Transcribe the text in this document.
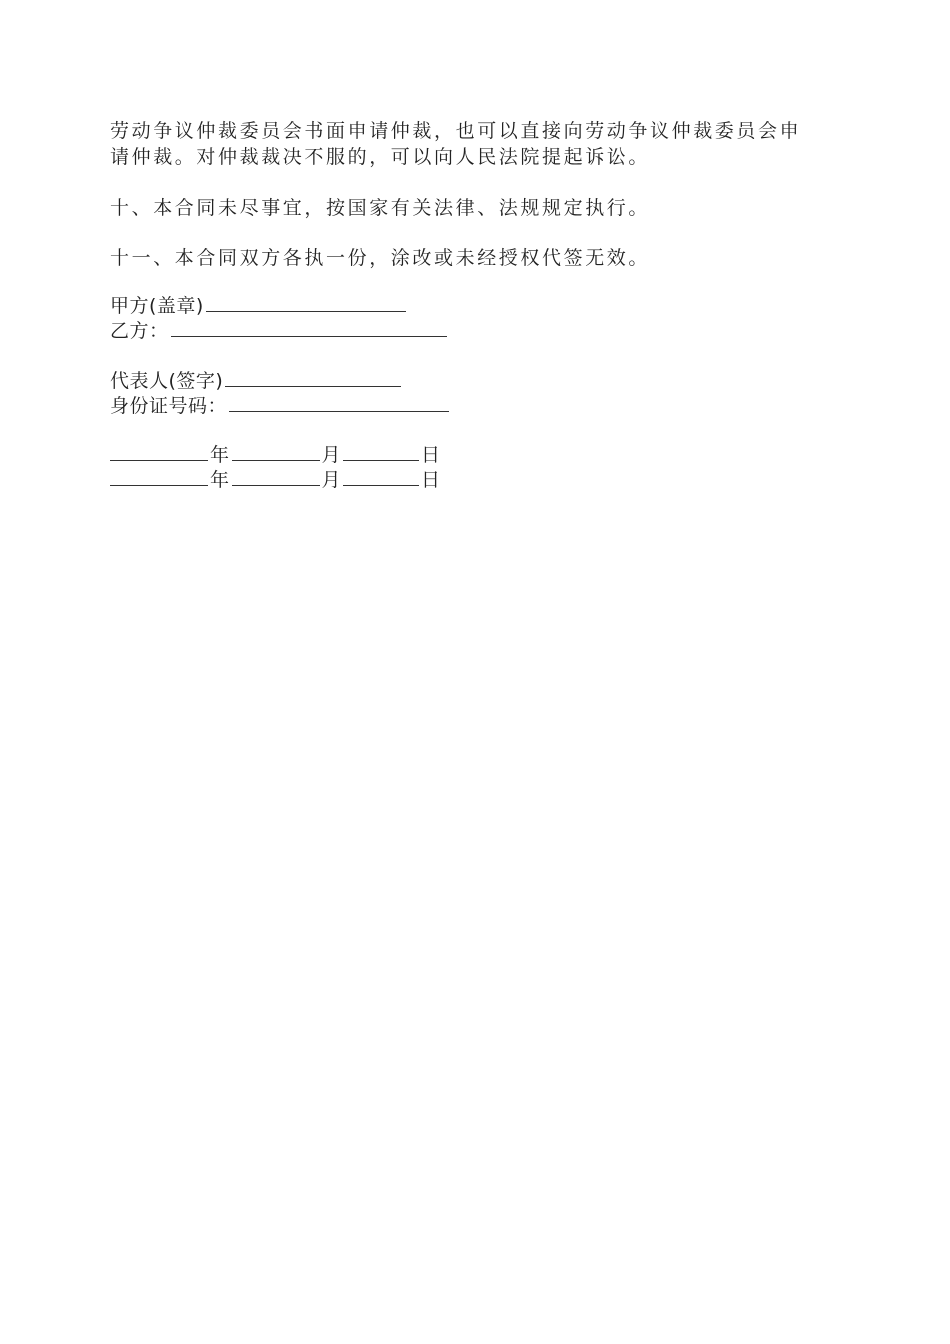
劳动争议仲裁委员会书面申请仲裁，也可以直接向劳动争议仲裁委员会申
请仲裁。对仲裁裁决不服的，可以向人民法院提起诉讼。
十、本合同未尽事宜，按国家有关法律、法规规定执行。
十一、本合同双方各执一份，涂改或未经授权代签无效。
甲方(盖章)
乙方：
代表人(签字)
身份证号码：
年	月	日
年	月	日
